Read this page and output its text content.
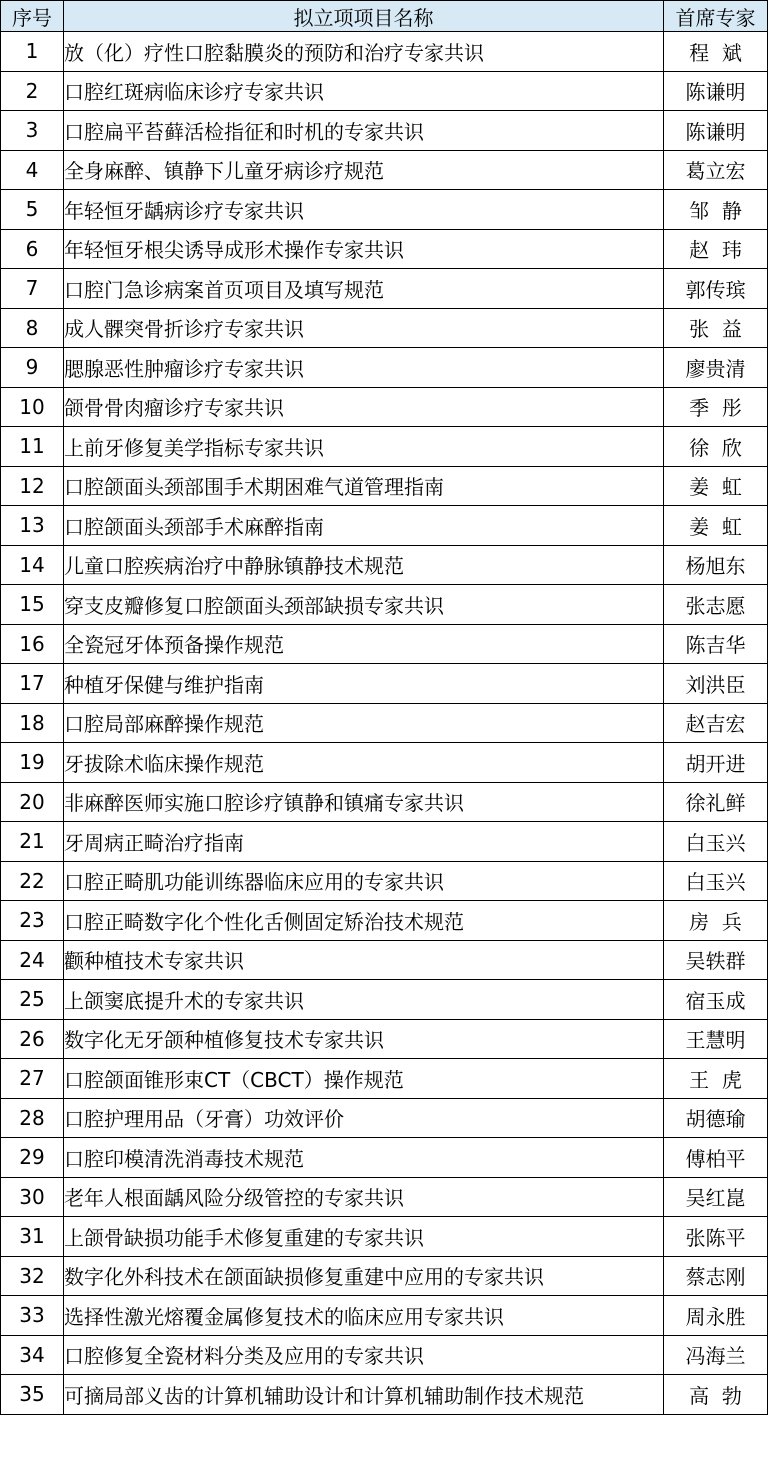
序号	拟立项项目名称	首席专家
1	放（化）疗性口腔黏膜炎的预防和治疗专家共识	程  斌
2	口腔红斑病临床诊疗专家共识	陈谦明
3	口腔扁平苔藓活检指征和时机的专家共识	陈谦明
4	全身麻醉、镇静下儿童牙病诊疗规范	葛立宏
5	年轻恒牙龋病诊疗专家共识	邹  静
6	年轻恒牙根尖诱导成形术操作专家共识	赵  玮
7	口腔门急诊病案首页项目及填写规范	郭传瑸
8	成人髁突骨折诊疗专家共识	张  益
9	腮腺恶性肿瘤诊疗专家共识	廖贵清
10	颌骨骨肉瘤诊疗专家共识	季  彤
11	上前牙修复美学指标专家共识	徐  欣
12	口腔颌面头颈部围手术期困难气道管理指南	姜  虹
13	口腔颌面头颈部手术麻醉指南	姜  虹
14	儿童口腔疾病治疗中静脉镇静技术规范	杨旭东
15	穿支皮瓣修复口腔颌面头颈部缺损专家共识	张志愿
16	全瓷冠牙体预备操作规范	陈吉华
17	种植牙保健与维护指南	刘洪臣
18	口腔局部麻醉操作规范	赵吉宏
19	牙拔除术临床操作规范	胡开进
20	非麻醉医师实施口腔诊疗镇静和镇痛专家共识	徐礼鲜
21	牙周病正畸治疗指南	白玉兴
22	口腔正畸肌功能训练器临床应用的专家共识	白玉兴
23	口腔正畸数字化个性化舌侧固定矫治技术规范	房  兵
24	颧种植技术专家共识	吴轶群
25	上颌窦底提升术的专家共识	宿玉成
26	数字化无牙颌种植修复技术专家共识	王慧明
27	口腔颌面锥形束CT（CBCT）操作规范	王  虎
28	口腔护理用品（牙膏）功效评价	胡德瑜
29	口腔印模清洗消毒技术规范	傅柏平
30	老年人根面龋风险分级管控的专家共识	吴红崑
31	上颌骨缺损功能手术修复重建的专家共识	张陈平
32	数字化外科技术在颌面缺损修复重建中应用的专家共识	蔡志刚
33	选择性激光熔覆金属修复技术的临床应用专家共识	周永胜
34	口腔修复全瓷材料分类及应用的专家共识	冯海兰
35	可摘局部义齿的计算机辅助设计和计算机辅助制作技术规范	高  勃
